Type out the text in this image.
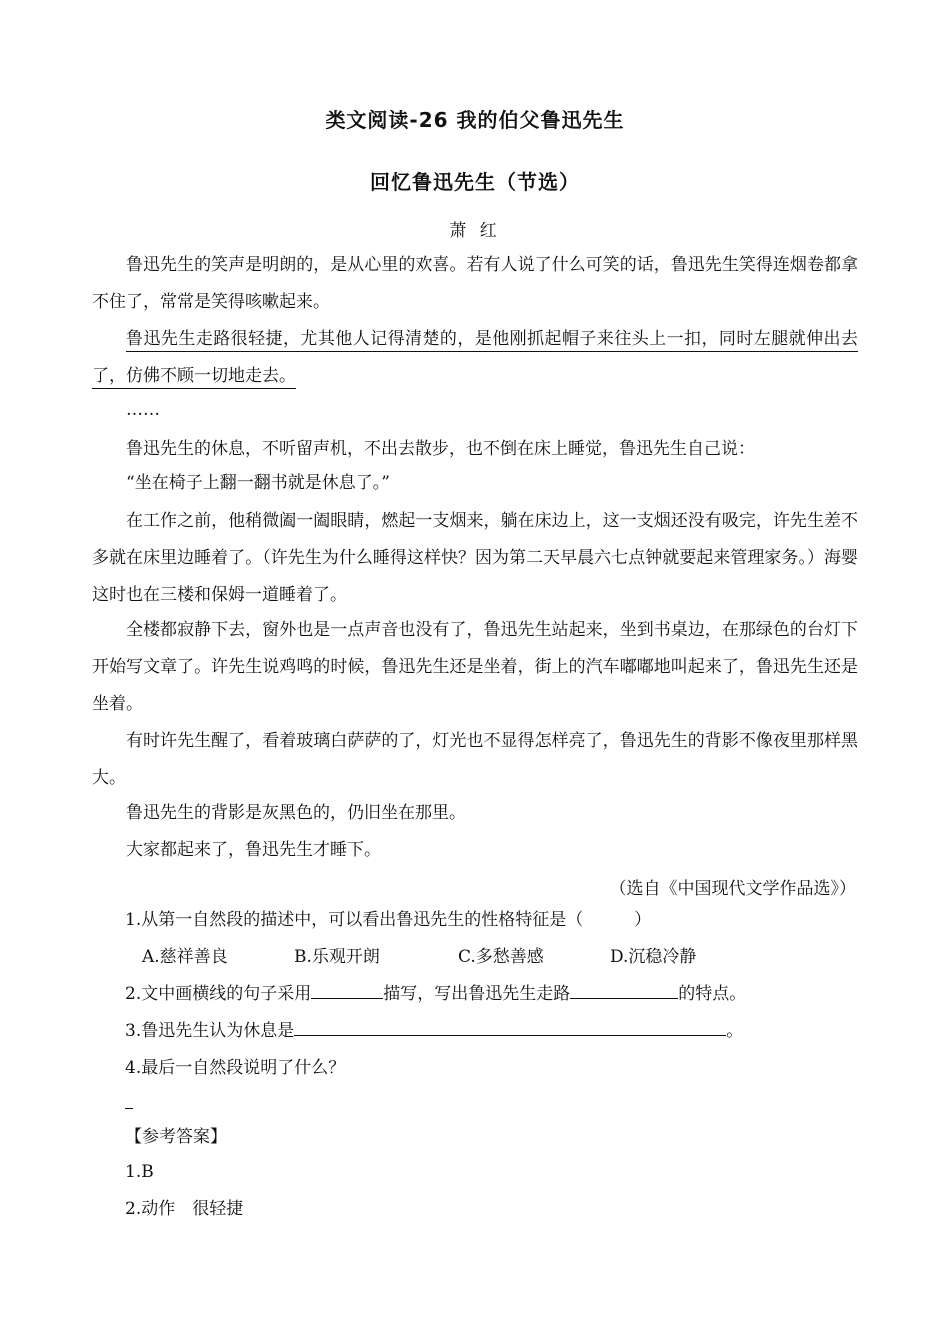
类文阅读-26 我的伯父鲁迅先生
回忆鲁迅先生（节选）
萧 红
鲁迅先生的笑声是明朗的，是从心里的欢喜。若有人说了什么可笑的话，鲁迅先生笑得连烟卷都拿不住了，常常是笑得咳嗽起来。
鲁迅先生走路很轻捷，尤其他人记得清楚的，是他刚抓起帽子来往头上一扣，同时左腿就伸出去了，仿佛不顾一切地走去。
……
鲁迅先生的休息，不听留声机，不出去散步，也不倒在床上睡觉，鲁迅先生自己说：
“坐在椅子上翻一翻书就是休息了。”
在工作之前，他稍微阖一阖眼睛，燃起一支烟来，躺在床边上，这一支烟还没有吸完，许先生差不多就在床里边睡着了。（许先生为什么睡得这样快？因为第二天早晨六七点钟就要起来管理家务。）海婴这时也在三楼和保姆一道睡着了。
全楼都寂静下去，窗外也是一点声音也没有了，鲁迅先生站起来，坐到书桌边，在那绿色的台灯下开始写文章了。许先生说鸡鸣的时候，鲁迅先生还是坐着，街上的汽车嘟嘟地叫起来了，鲁迅先生还是坐着。
有时许先生醒了，看着玻璃白萨萨的了，灯光也不显得怎样亮了，鲁迅先生的背影不像夜里那样黑大。
鲁迅先生的背影是灰黑色的，仍旧坐在那里。
大家都起来了，鲁迅先生才睡下。
（选自《中国现代文学作品选》）
1.从第一自然段的描述中，可以看出鲁迅先生的性格特征是（　　　）
A.慈祥善良	B.乐观开朗	C.多愁善感	D.沉稳冷静
2.文中画横线的句子采用	描写，写出鲁迅先生走路	的特点。
3.鲁迅先生认为休息是	。
4.最后一自然段说明了什么？
【参考答案】
1.B
2.动作　很轻捷
